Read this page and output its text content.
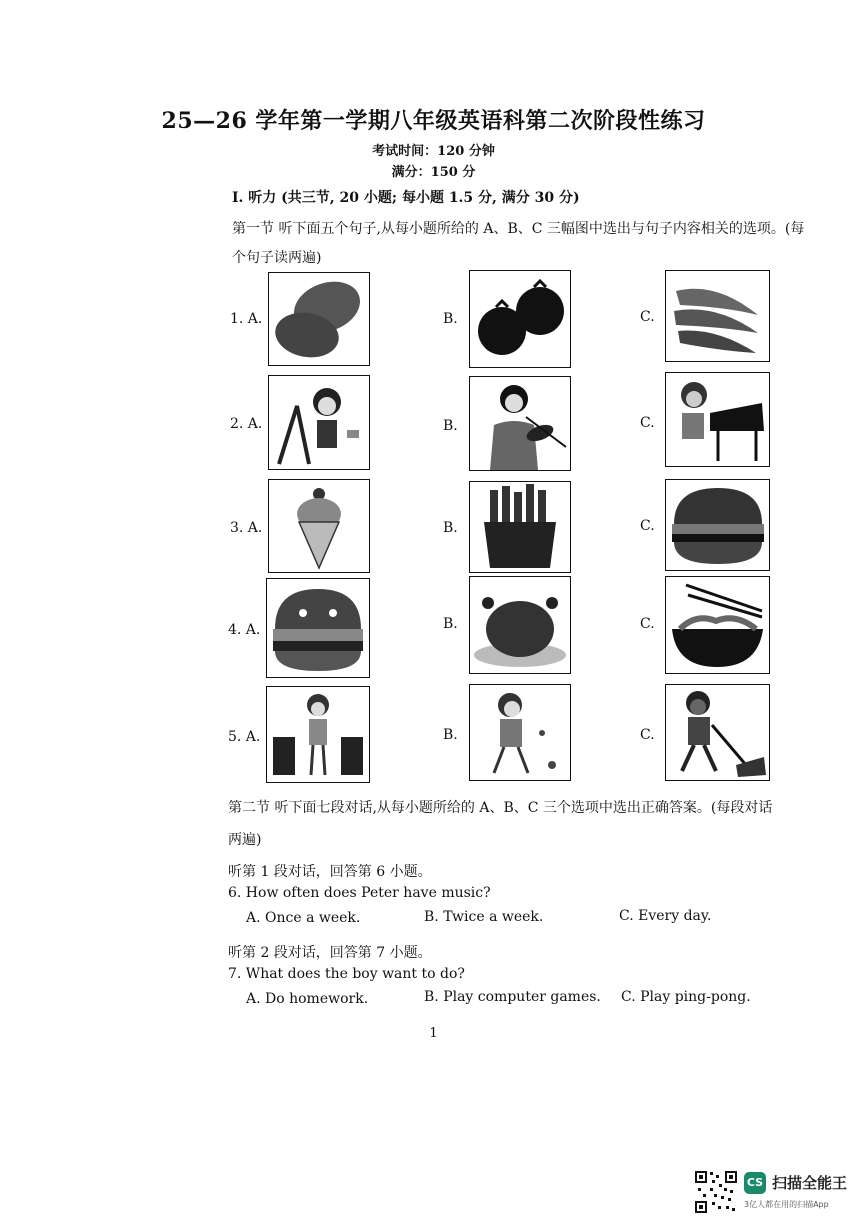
25—26 学年第一学期八年级英语科第二次阶段性练习
考试时间：120 分钟
满分：150 分
I. 听力 (共三节, 20 小题; 每小题 1.5 分, 满分 30 分)
第一节 听下面五个句子,从每小题所给的 A、B、C 三幅图中选出与句子内容相关的选项。(每
个句子读两遍)
1. A.	B.	C.
2. A.	B.	C.
3. A.	B.	C.
4. A.	B.	C.
5. A.	B.	C.
第二节 听下面七段对话,从每小题所给的 A、B、C 三个选项中选出正确答案。(每段对话
两遍)
听第 1 段对话，回答第 6 小题。
6. How often does Peter have music?
A. Once a week.	B. Twice a week.	C. Every day.
听第 2 段对话，回答第 7 小题。
7. What does the boy want to do?
A. Do homework.	B. Play computer games. C. Play ping-pong.
1
CS 扫描全能王
3亿人都在用的扫描App
